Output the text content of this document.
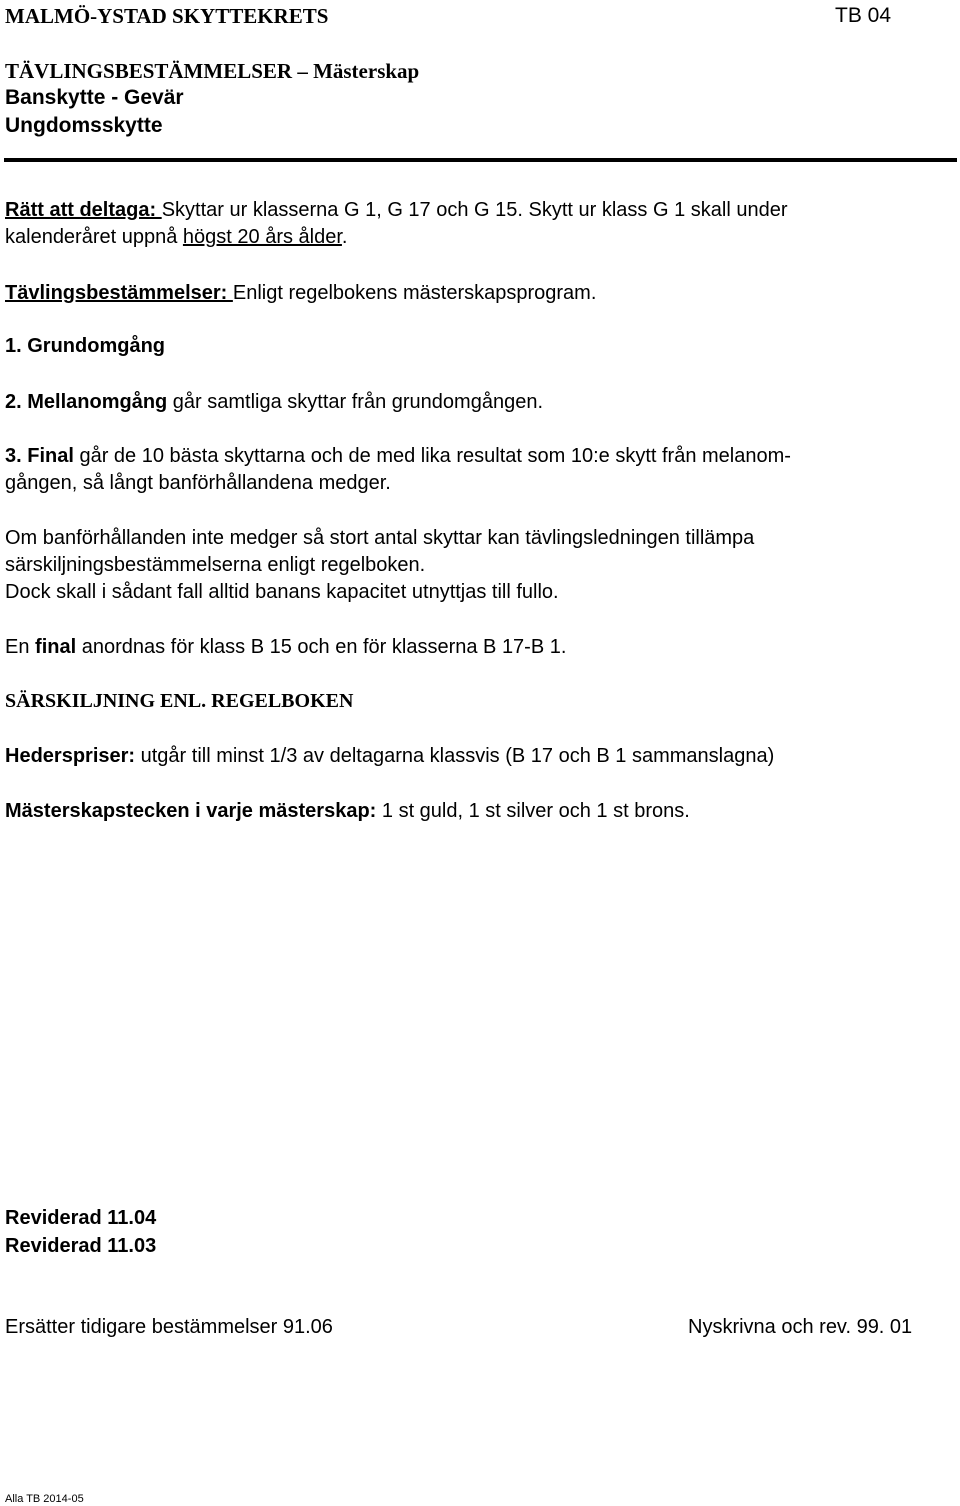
MALMÖ-YSTAD SKYTTEKRETS	TB 04
TÄVLINGSBESTÄMMELSER – Mästerskap
Banskytte - Gevär
Ungdomsskytte
Rätt att deltaga: Skyttar ur klasserna G 1, G 17 och G 15. Skytt ur klass G 1 skall under
kalenderåret uppnå högst 20 års ålder.
Tävlingsbestämmelser: Enligt regelbokens mästerskapsprogram.
1. Grundomgång
2. Mellanomgång går samtliga skyttar från grundomgången.
3. Final går de 10 bästa skyttarna och de med lika resultat som 10:e skytt från melanom-
gången, så långt banförhållandena medger.
Om banförhållanden inte medger så stort antal skyttar kan tävlingsledningen tillämpa
särskiljningsbestämmelserna enligt regelboken.
Dock skall i sådant fall alltid banans kapacitet utnyttjas till fullo.
En final anordnas för klass B 15 och en för klasserna B 17-B 1.
SÄRSKILJNING ENL. REGELBOKEN
Hederspriser: utgår till minst 1/3 av deltagarna klassvis (B 17 och B 1 sammanslagna)
Mästerskapstecken i varje mästerskap: 1 st guld, 1 st silver och 1 st brons.
Reviderad 11.04
Reviderad 11.03
Ersätter tidigare bestämmelser 91.06	Nyskrivna och rev. 99. 01
Alla TB 2014-05
